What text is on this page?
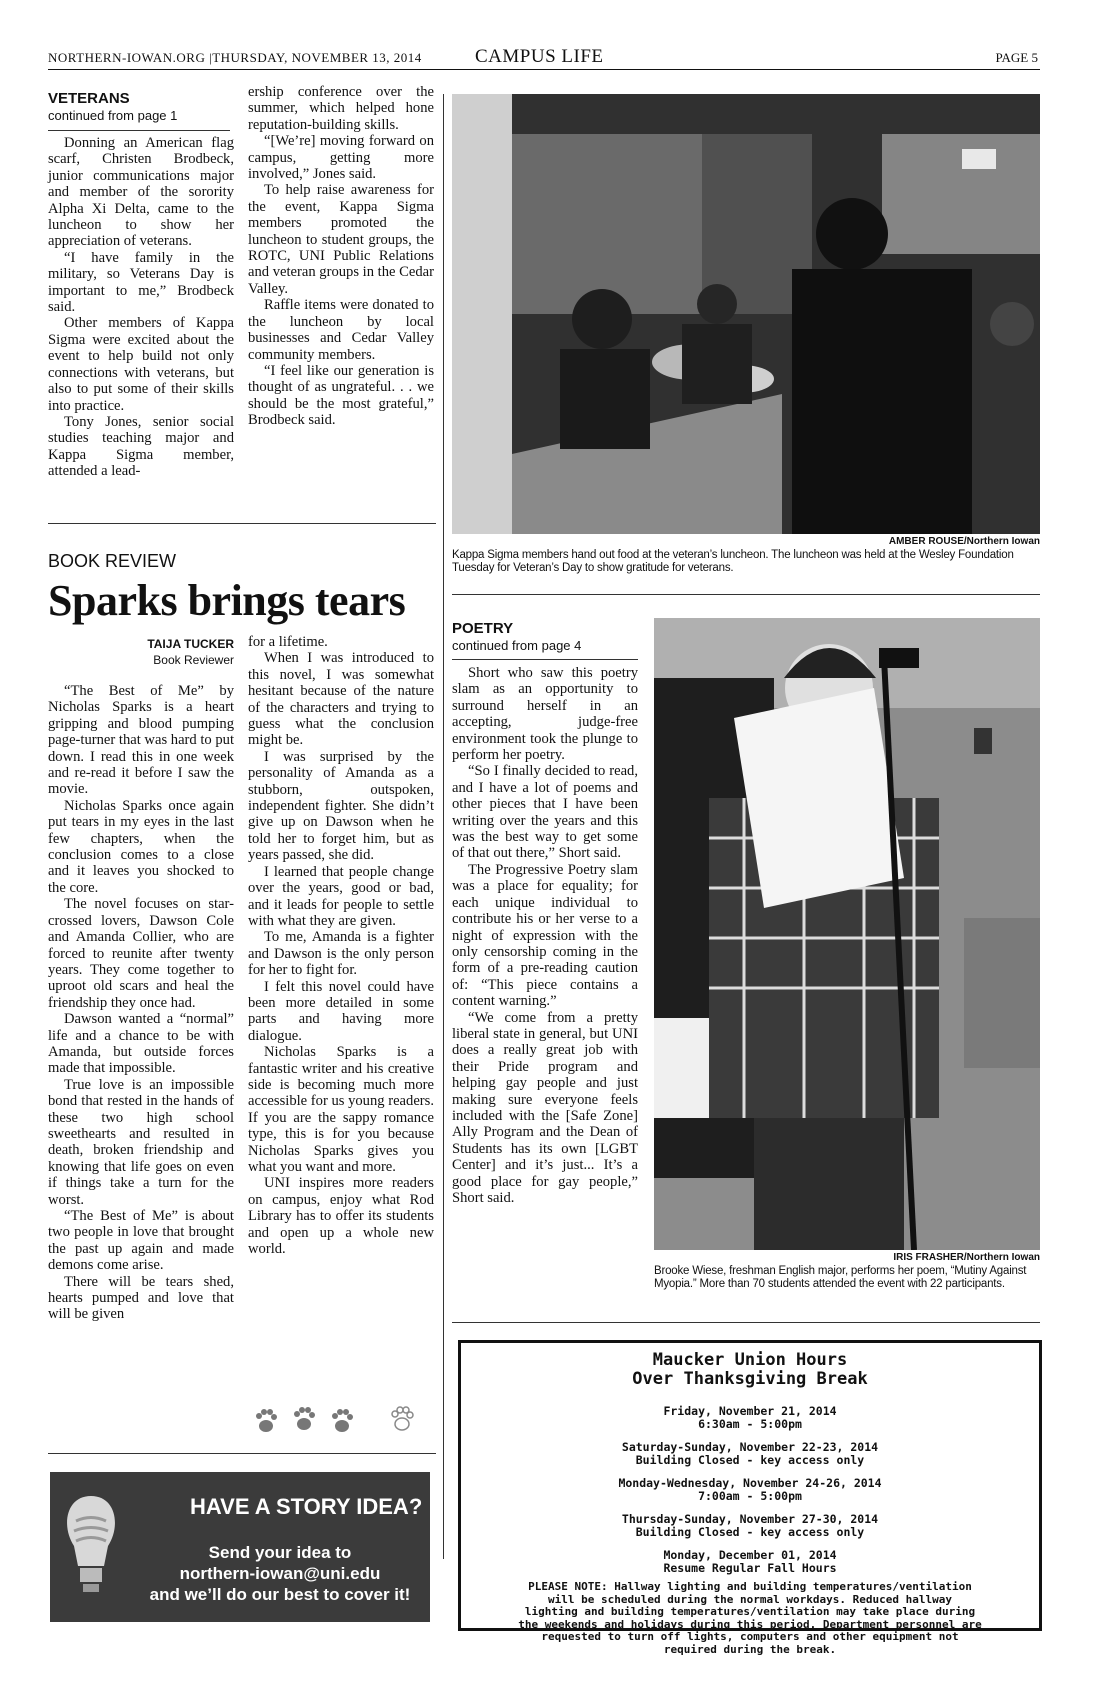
NORTHERN-IOWAN.ORG |THURSDAY, NOVEMBER 13, 2014	CAMPUS LIFE	PAGE 5
VETERANS
continued from page 1

Donning an American flag scarf, Christen Brodbeck, junior communications major and member of the sorority Alpha Xi Delta, came to the luncheon to show her appreciation of veterans.

“I have family in the military, so Veterans Day is important to me,” Brodbeck said.

Other members of Kappa Sigma were excited about the event to help build not only connections with veterans, but also to put some of their skills into practice.

Tony Jones, senior social studies teaching major and Kappa Sigma member, attended a lead-

ership conference over the summer, which helped hone reputation-building skills.

“[We’re] moving forward on campus, getting more involved,” Jones said.

To help raise awareness for the event, Kappa Sigma members promoted the luncheon to student groups, the ROTC, UNI Public Relations and veteran groups in the Cedar Valley.

Raffle items were donated to the luncheon by local businesses and Cedar Valley community members.

“I feel like our generation is thought of as ungrateful. . . we should be the most grateful,” Brodbeck said.

AMBER ROUSE/Northern Iowan
Kappa Sigma members hand out food at the veteran’s luncheon. The luncheon was held at the Wesley Foundation Tuesday for Veteran’s Day to show gratitude for veterans.
BOOK REVIEW
Sparks brings tears
TAIJA TUCKER
Book Reviewer

“The Best of Me” by Nicholas Sparks is a heart gripping and blood pumping page-turner that was hard to put down. I read this in one week and re-read it before I saw the movie.

Nicholas Sparks once again put tears in my eyes in the last few chapters, when the conclusion comes to a close and it leaves you shocked to the core.

The novel focuses on star-crossed lovers, Dawson Cole and Amanda Collier, who are forced to reunite after twenty years. They come together to uproot old scars and heal the friendship they once had.

Dawson wanted a “normal” life and a chance to be with Amanda, but outside forces made that impossible.

True love is an impossible bond that rested in the hands of these two high school sweethearts and resulted in death, broken friendship and knowing that life goes on even if things take a turn for the worst.

“The Best of Me” is about two people in love that brought the past up again and made demons come arise.

There will be tears shed, hearts pumped and love that will be given

for a lifetime.

When I was introduced to this novel, I was somewhat hesitant because of the nature of the characters and trying to guess what the conclusion might be.

I was surprised by the personality of Amanda as a stubborn, outspoken, independent fighter. She didn’t give up on Dawson when he told her to forget him, but as years passed, she did.

I learned that people change over the years, good or bad, and it leads for people to settle with what they are given.

To me, Amanda is a fighter and Dawson is the only person for her to fight for.

I felt this novel could have been more detailed in some parts and having more dialogue.

Nicholas Sparks is a fantastic writer and his creative side is becoming much more accessible for us young readers. If you are the sappy romance type, this is for you because Nicholas Sparks gives you what you want and more.

UNI inspires more readers on campus, enjoy what Rod Library has to offer its students and open up a whole new world.

HAVE A STORY IDEA?
Send your idea to
northern-iowan@uni.edu
and we’ll do our best to cover it!
POETRY
continued from page 4

Short who saw this poetry slam as an opportunity to surround herself in an accepting, judge-free environment took the plunge to perform her poetry.

“So I finally decided to read, and I have a lot of poems and other pieces that I have been writing over the years and this was the best way to get some of that out there,” Short said.

The Progressive Poetry slam was a place for equality; for each unique individual to contribute his or her verse to a night of expression with the only censorship coming in the form of a pre-reading caution of: “This piece contains a content warning.”

“We come from a pretty liberal state in general, but UNI does a really great job with their Pride program and helping gay people and just making sure everyone feels included with the [Safe Zone] Ally Program and the Dean of Students has its own [LGBT Center] and it’s just... It’s a good place for gay people,” Short said.

IRIS FRASHER/Northern Iowan
Brooke Wiese, freshman English major, performs her poem, “Mutiny Against Myopia.” More than 70 students attended the event with 22 participants.
Maucker Union Hours
Over Thanksgiving Break
Friday, November 21, 2014
6:30am - 5:00pm
Saturday-Sunday, November 22-23, 2014
Building Closed - key access only
Monday-Wednesday, November 24-26, 2014
7:00am - 5:00pm
Thursday-Sunday, November 27-30, 2014
Building Closed - key access only
Monday, December 01, 2014
Resume Regular Fall Hours
PLEASE NOTE: Hallway lighting and building temperatures/ventilation
will be scheduled during the normal workdays. Reduced hallway
lighting and building temperatures/ventilation may take place during
the weekends and holidays during this period. Department personnel are
requested to turn off lights, computers and other equipment not
required during the break.
